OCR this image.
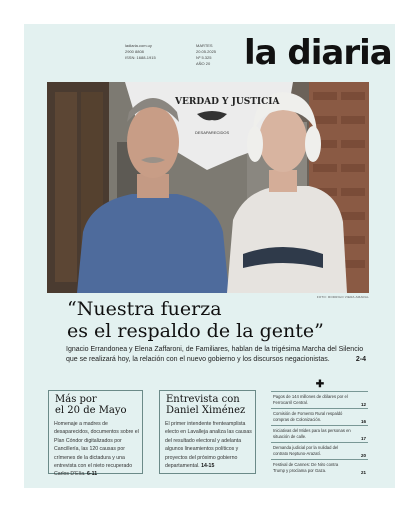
ladiaria.com.uy
2900 8808
ISSN: 1688-1915
MARTES
20.05.2025
Nº 5.325
AÑO 20 la diaria
VERDAD Y JUSTICIA
DESAPARECIDOS
FOTO: RODRIGO VIERA AMARAL
“Nuestra fuerza
es el respaldo de la gente”
Ignacio Errandonea y Elena Zaffaroni, de Familiares, hablan de la trigésima Marcha del Silencio que se realizará hoy, la relación con el nuevo gobierno y los discursos negacionistas.	2-4
Más por
el 20 de Mayo
Homenaje a madres de desaparecidos, documentos sobre el Plan Cóndor digitalizados por Cancillería, las 120 causas por crímenes de la dictadura y una entrevista con el nieto recuperado Carlos D'Elía. 6-11
Entrevista con
Daniel Ximénez
El primer intendente frenteamplista electo en Lavalleja analiza las causas del resultado electoral y adelanta algunos lineamientos políticos y proyectos del próximo gobierno departamental. 14-15
✚
Pagos de 144 millones de dólares por el Ferrocarril Central.	12
Comisión de Fomento Rural respaldó compras de Colonización.	16
Iniciativas del Mides para las personas en situación de calle.	17
Demanda judicial por la nulidad del contrato Neptuno-Arazatí.	20
Festival de Cannes: De Niro contra Trump y proclama por Gaza.	21
